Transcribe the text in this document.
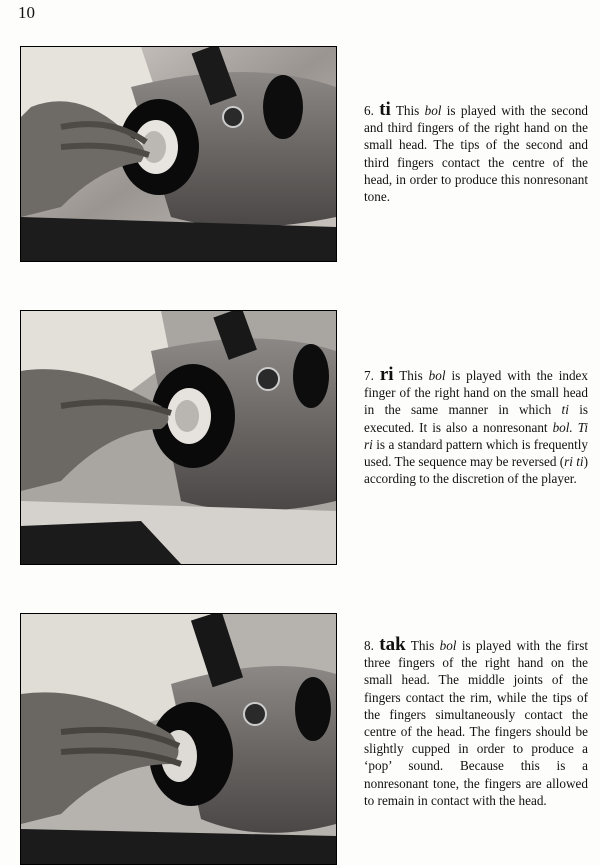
10

6. ti This bol is played with the second and third fingers of the right hand on the small head. The tips of the second and third fingers contact the centre of the head, in order to produce this nonresonant tone.

7. ri This bol is played with the index finger of the right hand on the small head in the same manner in which ti is executed. It is also a nonresonant bol. Ti ri is a standard pattern which is frequently used. The sequence may be reversed (ri ti) according to the discretion of the player.

8. tak This bol is played with the first three fingers of the right hand on the small head. The middle joints of the fingers contact the rim, while the tips of the fingers simultaneously contact the centre of the head. The fingers should be slightly cupped in order to produce a ‘pop’ sound. Because this is a nonresonant tone, the fingers are allowed to remain in contact with the head.
